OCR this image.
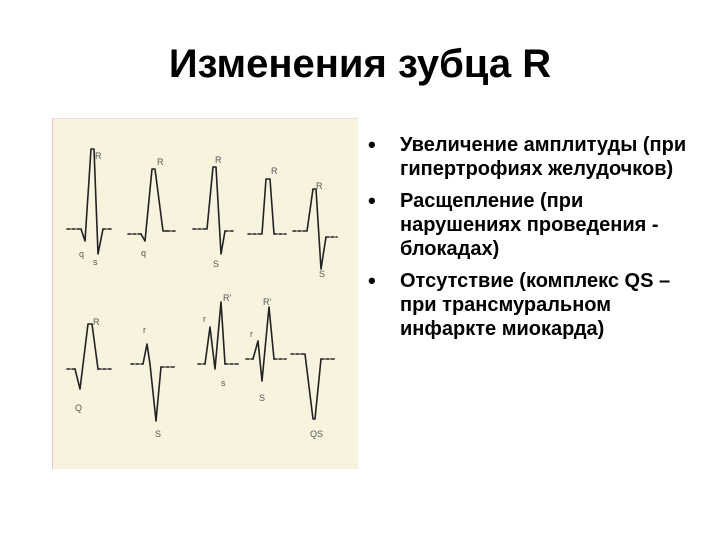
Изменения зубца R
R
q
s
R
q
R
S
R
R
S
R
Q
r
S
r
R'
s
r
R'
S
QS
• Увеличение амплитуды (при гипертрофиях желудочков)
• Расщепление (при нарушениях проведения - блокадах)
• Отсутствие (комплекс QS – при трансмуральном инфаркте миокарда)
